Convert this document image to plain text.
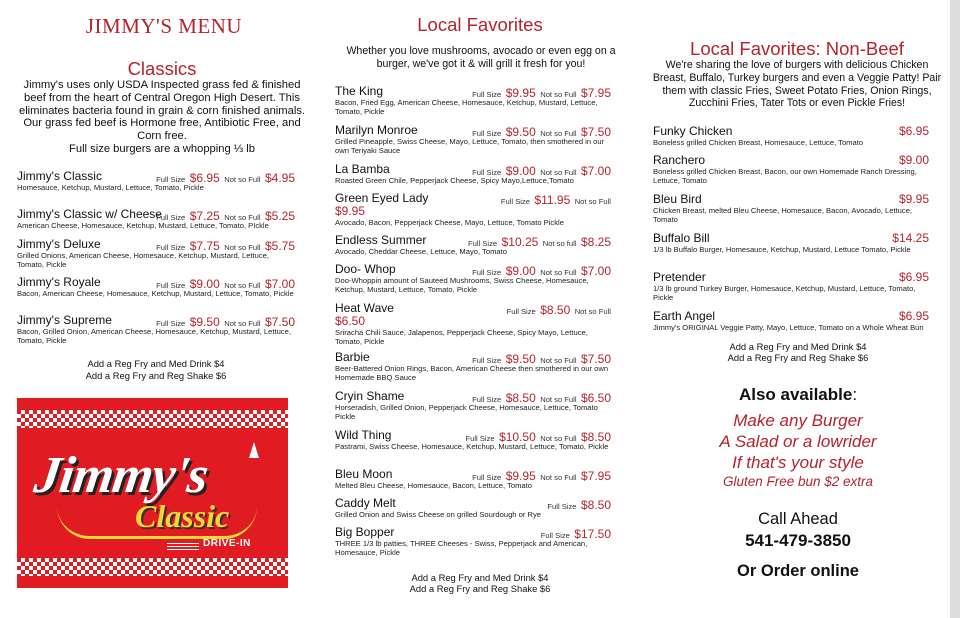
JIMMY'S MENU
Classics
Jimmy's uses only USDA Inspected grass fed & finished beef from the heart of Central Oregon High Desert. This eliminates bacteria found in grain & corn finished animals. Our grass fed beef is Hormone free, Antibiotic Free, and Corn free.
Full size burgers are a whopping ⅓ lb
Jimmy's Classic	Full Size $6.95 Not so Full $4.95
Homesauce, Ketchup, Mustard, Lettuce, Tomato, Pickle
Jimmy's Classic w/ Cheese
Full Size $7.25 Not so Full $5.25
American Cheese, Homesauce, Ketchup, Mustard, Lettuce, Tomato, PIckle
Jimmy's Deluxe	Full Size $7.75 Not so Full $5.75
Grilled Onions, American Cheese, Homesauce, Ketchup, Mustard, Lettuce, Tomato, Pickle
Jimmy's Royale	Full Size $9.00 Not so Full $7.00
Bacon, American Cheese, Homesauce, Ketchup, Mustard, Lettuce, Tomato, Pickle
Jimmy's Supreme	Full Size $9.50 Not so Full $7.50
Bacon, Grilled Onion, American Cheese, Homesauce, Ketchup, Mustard, Lettuce, Tomato, Pickle
Add a Reg Fry and Med Drink $4
Add a Reg Fry and Reg Shake $6
Jimmy's
Classic
DRIVE-IN
Local Favorites
Whether you love mushrooms, avocado or even egg on a burger, we've got it & will grill it fresh for you!
The King	Full Size $9.95 Not so Full $7.95
Bacon, Fried Egg, American Cheese, Homesauce, Ketchup, Mustard, Lettuce, Tomato, Pickle
Marilyn Monroe	Full Size $9.50 Not so Full $7.50
Grilled Pineapple, Swiss Cheese, Mayo, Lettuce, Tomato, then smothered in our own Teriyaki Sauce
La Bamba	Full Size $9.00 Not so Full $7.00
Roasted Green Chile, Pepperjack Cheese, Spicy Mayo,Lettuce,Tomato
Green Eyed Lady	Full Size $11.95 Not so Full
$9.95
Avocado, Bacon, Pepperjack Cheese, Mayo, Lettuce, Tomato Pickle
Endless Summer	Full Size $10.25 Not so full $8.25
Avocado, Cheddar Cheese, Lettuce, Mayo, Tomato
Doo- Whop	Full Size $9.00 Not so Full $7.00
Doo-Whoppin amount of Sauteed Mushrooms, Swiss Cheese, Homesauce, Ketchup, Mustard, Lettuce, Tomato, Pickle
Heat Wave	Full Size $8.50 Not so Full
$6.50
Sriracha Chili Sauce, Jalapenos, Pepperjack Cheese, Spicy Mayo, Lettuce, Tomato, Pickle
Barbie	Full Size $9.50 Not so Full $7.50
Beer-Battered Onion Rings, Bacon, American Cheese then smothered in our own Homemade BBQ Sauce
Cryin Shame	Full Size $8.50 Not so Full $6.50
Horseradish, Grilled Onion, Pepperjack Cheese, Homesauce, Lettuce, Tomato Pickle
Wild Thing	Full Size $10.50 Not so Full $8.50
Pastrami, Swiss Cheese, Homesauce, Ketchup, Mustard, Lettuce, Tomato, Pickle
Bleu Moon	Full Size $9.95 Not so Full $7.95
Melted Bleu Cheese, Homesauce, Bacon, Lettuce, Tomato
Caddy Melt	Full Size $8.50
Grilled Onion and Swiss Cheese on grilled Sourdough or Rye
Big Bopper	Full Size $17.50
THREE 1/3 lb patties, THREE Cheeses - Swiss, Pepperjack and American, Homesauce, Pickle
Add a Reg Fry and Med Drink $4
Add a Reg Fry and Reg Shake $6
Local Favorites: Non-Beef
We're sharing the love of burgers with delicious Chicken Breast, Buffalo, Turkey burgers and even a Veggie Patty! Pair them with classic Fries, Sweet Potato Fries, Onion Rings, Zucchini Fries, Tater Tots or even Pickle Fries!
Funky Chicken	$6.95
Boneless grilled Chicken Breast, Homesauce, Lettuce, Tomato
Ranchero	$9.00
Boneless grilled Chicken Breast, Bacon, our own Homemade Ranch Dressing, Lettuce, Tomato
Bleu Bird	$9.95
Chicken Breast, melted Bleu Cheese, Homesauce, Bacon, Avocado, Lettuce, Tomato
Buffalo Bill	$14.25
1/3 lb Buffalo Burger, Homesauce, Ketchup, Mustard, Lettuce Tomato, Pickle
Pretender	$6.95
1/3 lb ground Turkey Burger, Homesauce, Ketchup, Mustard, Lettuce, Tomato, Pickle
Earth Angel	$6.95
Jimmy's ORIGINAL Veggie Patty, Mayo, Lettuce, Tomato on a Whole Wheat Bun
Add a Reg Fry and Med Drink $4
Add a Reg Fry and Reg Shake $6
Also available:
Make any Burger
A Salad or a lowrider
If that's your style
Gluten Free bun $2 extra
Call Ahead
541-479-3850
Or Order online
